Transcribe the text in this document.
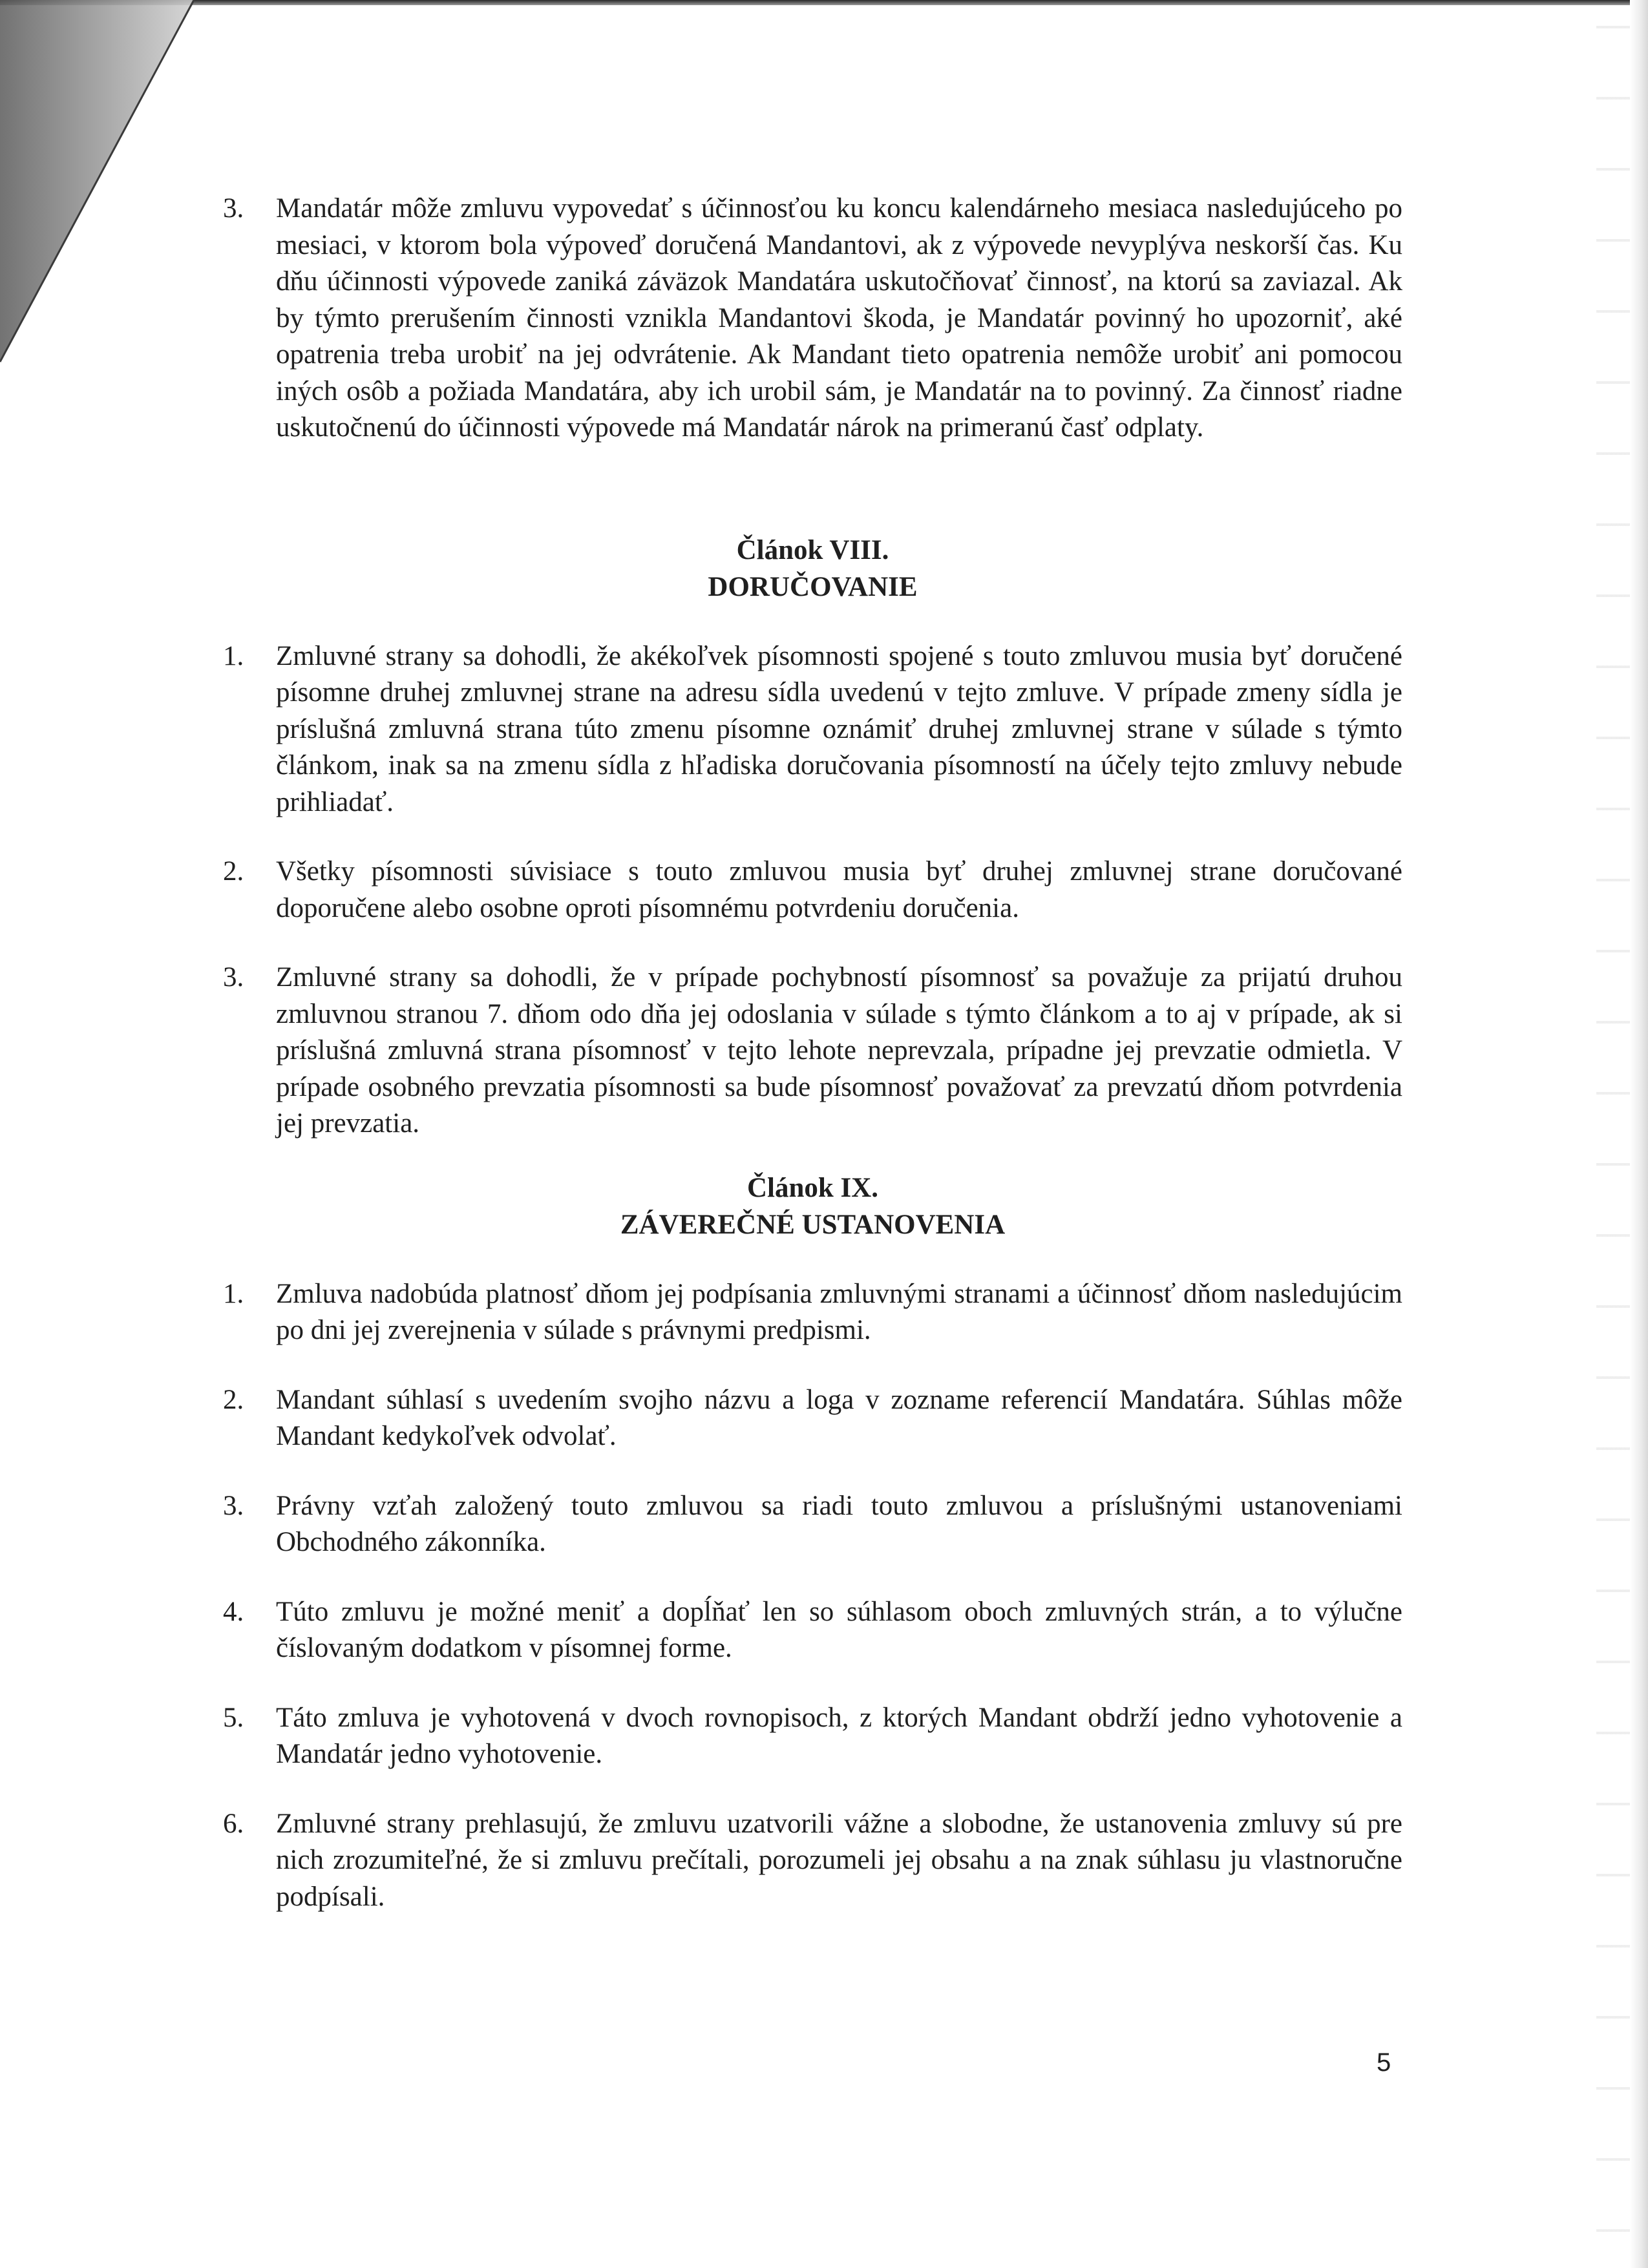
3.	Mandatár môže zmluvu vypovedať s účinnosťou ku koncu kalendárneho mesiaca nasledujúceho po mesiaci, v ktorom bola výpoveď doručená Mandantovi, ak z výpovede nevyplýva neskorší čas. Ku dňu účinnosti výpovede zaniká záväzok Mandatára uskutočňovať činnosť, na ktorú sa zaviazal. Ak by týmto prerušením činnosti vznikla Mandantovi škoda, je Mandatár povinný ho upozorniť, aké opatrenia treba urobiť na jej odvrátenie. Ak Mandant tieto opatrenia nemôže urobiť ani pomocou iných osôb a požiada Mandatára, aby ich urobil sám, je Mandatár na to povinný. Za činnosť riadne uskutočnenú do účinnosti výpovede má Mandatár nárok na primeranú časť odplaty.
Článok VIII.
DORUČOVANIE
1.	Zmluvné strany sa dohodli, že akékoľvek písomnosti spojené s touto zmluvou musia byť doručené písomne druhej zmluvnej strane na adresu sídla uvedenú v tejto zmluve. V prípade zmeny sídla je príslušná zmluvná strana túto zmenu písomne oznámiť druhej zmluvnej strane v súlade s týmto článkom, inak sa na zmenu sídla z hľadiska doručovania písomností na účely tejto zmluvy nebude prihliadať.
2.	Všetky písomnosti súvisiace s touto zmluvou musia byť druhej zmluvnej strane doručované doporučene alebo osobne oproti písomnému potvrdeniu doručenia.
3.	Zmluvné strany sa dohodli, že v prípade pochybností písomnosť sa považuje za prijatú druhou zmluvnou stranou 7. dňom odo dňa jej odoslania v súlade s týmto článkom a to aj v prípade, ak si príslušná zmluvná strana písomnosť v tejto lehote neprevzala, prípadne jej prevzatie odmietla. V prípade osobného prevzatia písomnosti sa bude písomnosť považovať za prevzatú dňom potvrdenia jej prevzatia.
Článok IX.
ZÁVEREČNÉ USTANOVENIA
1.	Zmluva nadobúda platnosť dňom jej podpísania zmluvnými stranami a účinnosť dňom nasledujúcim po dni jej zverejnenia v súlade s právnymi predpismi.
2.	Mandant súhlasí s uvedením svojho názvu a loga v zozname referencií Mandatára. Súhlas môže Mandant kedykoľvek odvolať.
3.	Právny vzťah založený touto zmluvou sa riadi touto zmluvou a príslušnými ustanoveniami Obchodného zákonníka.
4.	Túto zmluvu je možné meniť a dopĺňať len so súhlasom oboch zmluvných strán, a to výlučne číslovaným dodatkom v písomnej forme.
5.	Táto zmluva je vyhotovená v dvoch rovnopisoch, z ktorých Mandant obdrží jedno vyhotovenie a Mandatár jedno vyhotovenie.
6.	Zmluvné strany prehlasujú, že zmluvu uzatvorili vážne a slobodne, že ustanovenia zmluvy sú pre nich zrozumiteľné, že si zmluvu prečítali, porozumeli jej obsahu a na znak súhlasu ju vlastnoručne podpísali.
5
